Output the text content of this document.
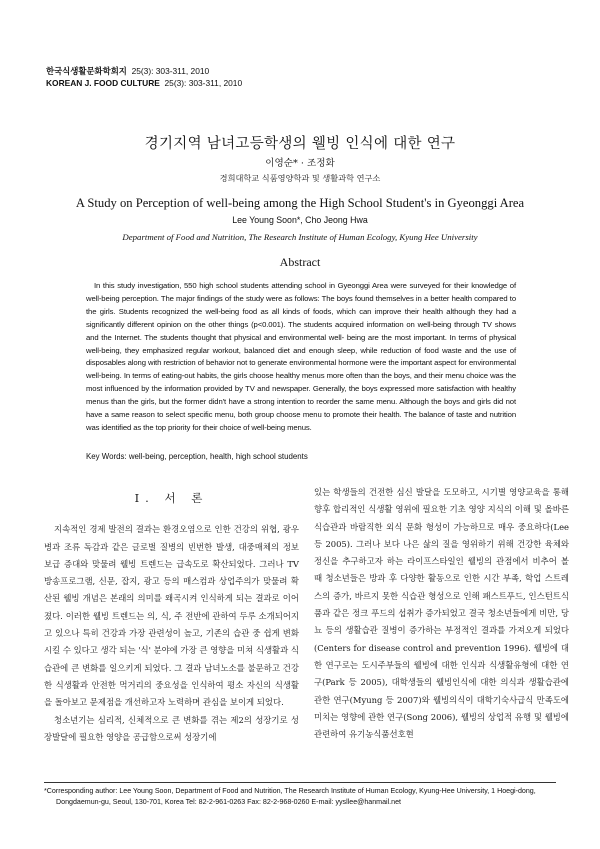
한국식생활문화학회지 25(3): 303-311, 2010
KOREAN J. FOOD CULTURE 25(3): 303-311, 2010
경기지역 남녀고등학생의 웰빙 인식에 대한 연구
이영순* · 조정화
경희대학교 식품영양학과 및 생활과학 연구소
A Study on Perception of well-being among the High School Student's in Gyeonggi Area
Lee Young Soon*, Cho Jeong Hwa
Department of Food and Nutrition, The Research Institute of Human Ecology, Kyung Hee University
Abstract

In this study investigation, 550 high school students attending school in Gyeonggi Area were surveyed for their knowledge of well-being perception. The major findings of the study were as follows: The boys found themselves in a better health compared to the girls. Students recognized the well-being food as all kinds of foods, which can improve their health although they had a significantly different opinion on the other things (p<0.001). The students acquired information on well-being through TV shows and the Internet. The students thought that physical and environmental well- being are the most important. In terms of physical well-being, they emphasized regular workout, balanced diet and enough sleep, while reduction of food waste and the use of disposables along with restriction of behavior not to generate environmental hormone were the important aspect for environmental well-being. In terms of eating-out habits, the girls choose healthy menus more often than the boys, and their menu choice was the most influenced by the information provided by TV and newspaper. Generally, the boys expressed more satisfaction with healthy menus than the girls, but the former didn't have a strong intention to reorder the same menu. Although the boys and girls did not have a same reason to select specific menu, both group choose menu to promote their health. The balance of taste and nutrition was identified as the top priority for their choice of well-being menus.

Key Words: well-being, perception, health, high school students
I. 서 론

지속적인 경제 발전의 결과는 환경오염으로 인한 건강의 위협, 광우병과 조류 독감과 같은 글로벌 질병의 빈번한 발생, 대중매체의 정보 보급 증대와 맞물려 웰빙 트렌드는 급속도로 확산되었다. 그러나 TV 방송프로그램, 신문, 잡지, 광고 등의 매스컴과 상업주의가 맞물려 확산된 웰빙 개념은 본래의 의미를 왜곡시켜 인식하게 되는 결과로 이어졌다. 이러한 웰빙 트렌드는 의, 식, 주 전반에 관하여 두루 소개되어지고 있으나 특히 건강과 가장 관련성이 높고, 기존의 습관 중 쉽게 변화시킬 수 있다고 생각 되는 '식' 분야에 가장 큰 영향을 미쳐 식생활과 식습관에 큰 변화를 일으키게 되었다. 그 결과 남녀노소를 불문하고 건강한 식생활과 안전한 먹거리의 중요성을 인식하여 평소 자신의 식생활을 돌아보고 문제점을 개선하고자 노력하며 관심을 보이게 되었다.

청소년기는 심리적, 신체적으로 큰 변화를 겪는 제2의 성장기로 성장발달에 필요한 영양을 공급함으로써 성장기에

있는 학생들의 건전한 심신 발달을 도모하고, 시기별 영양교육을 통해 향후 합리적인 식생활 영위에 필요한 기초 영양 지식의 이해 및 올바른 식습관과 바람직한 외식 문화 형성이 가능하므로 매우 중요하다(Lee 등 2005). 그러나 보다 나은 삶의 질을 영위하기 위해 건강한 육체와 정신을 추구하고자 하는 라이프스타일인 웰빙의 관점에서 비추어 볼 때 청소년들은 방과 후 다양한 활동으로 인한 시간 부족, 학업 스트레스의 증가, 바르지 못한 식습관 형성으로 인해 패스트푸드, 인스턴트식품과 같은 정크 푸드의 섭취가 증가되었고 결국 청소년들에게 비만, 당뇨 등의 생활습관 질병이 증가하는 부정적인 결과를 가져오게 되었다(Centers for disease control and prevention 1996). 웰빙에 대한 연구로는 도시주부들의 웰빙에 대한 인식과 식생활유형에 대한 연구(Park 등 2005), 대학생들의 웰빙인식에 대한 의식과 생활습관에 관한 연구(Myung 등 2007)와 웰빙의식이 대학기숙사급식 만족도에 미치는 영향에 관한 연구(Song 2006), 웰빙의 상업적 유행 및 웰빙에 관련하여 유기농식품선호현

*Corresponding author: Lee Young Soon, Department of Food and Nutrition, The Research Institute of Human Ecology, Kyung-Hee University, 1 Hoegi-dong,
Dongdaemun-gu, Seoul, 130-701, Korea Tel: 82-2-961-0263 Fax: 82-2-968-0260 E-mail: yysllee@hanmail.net
